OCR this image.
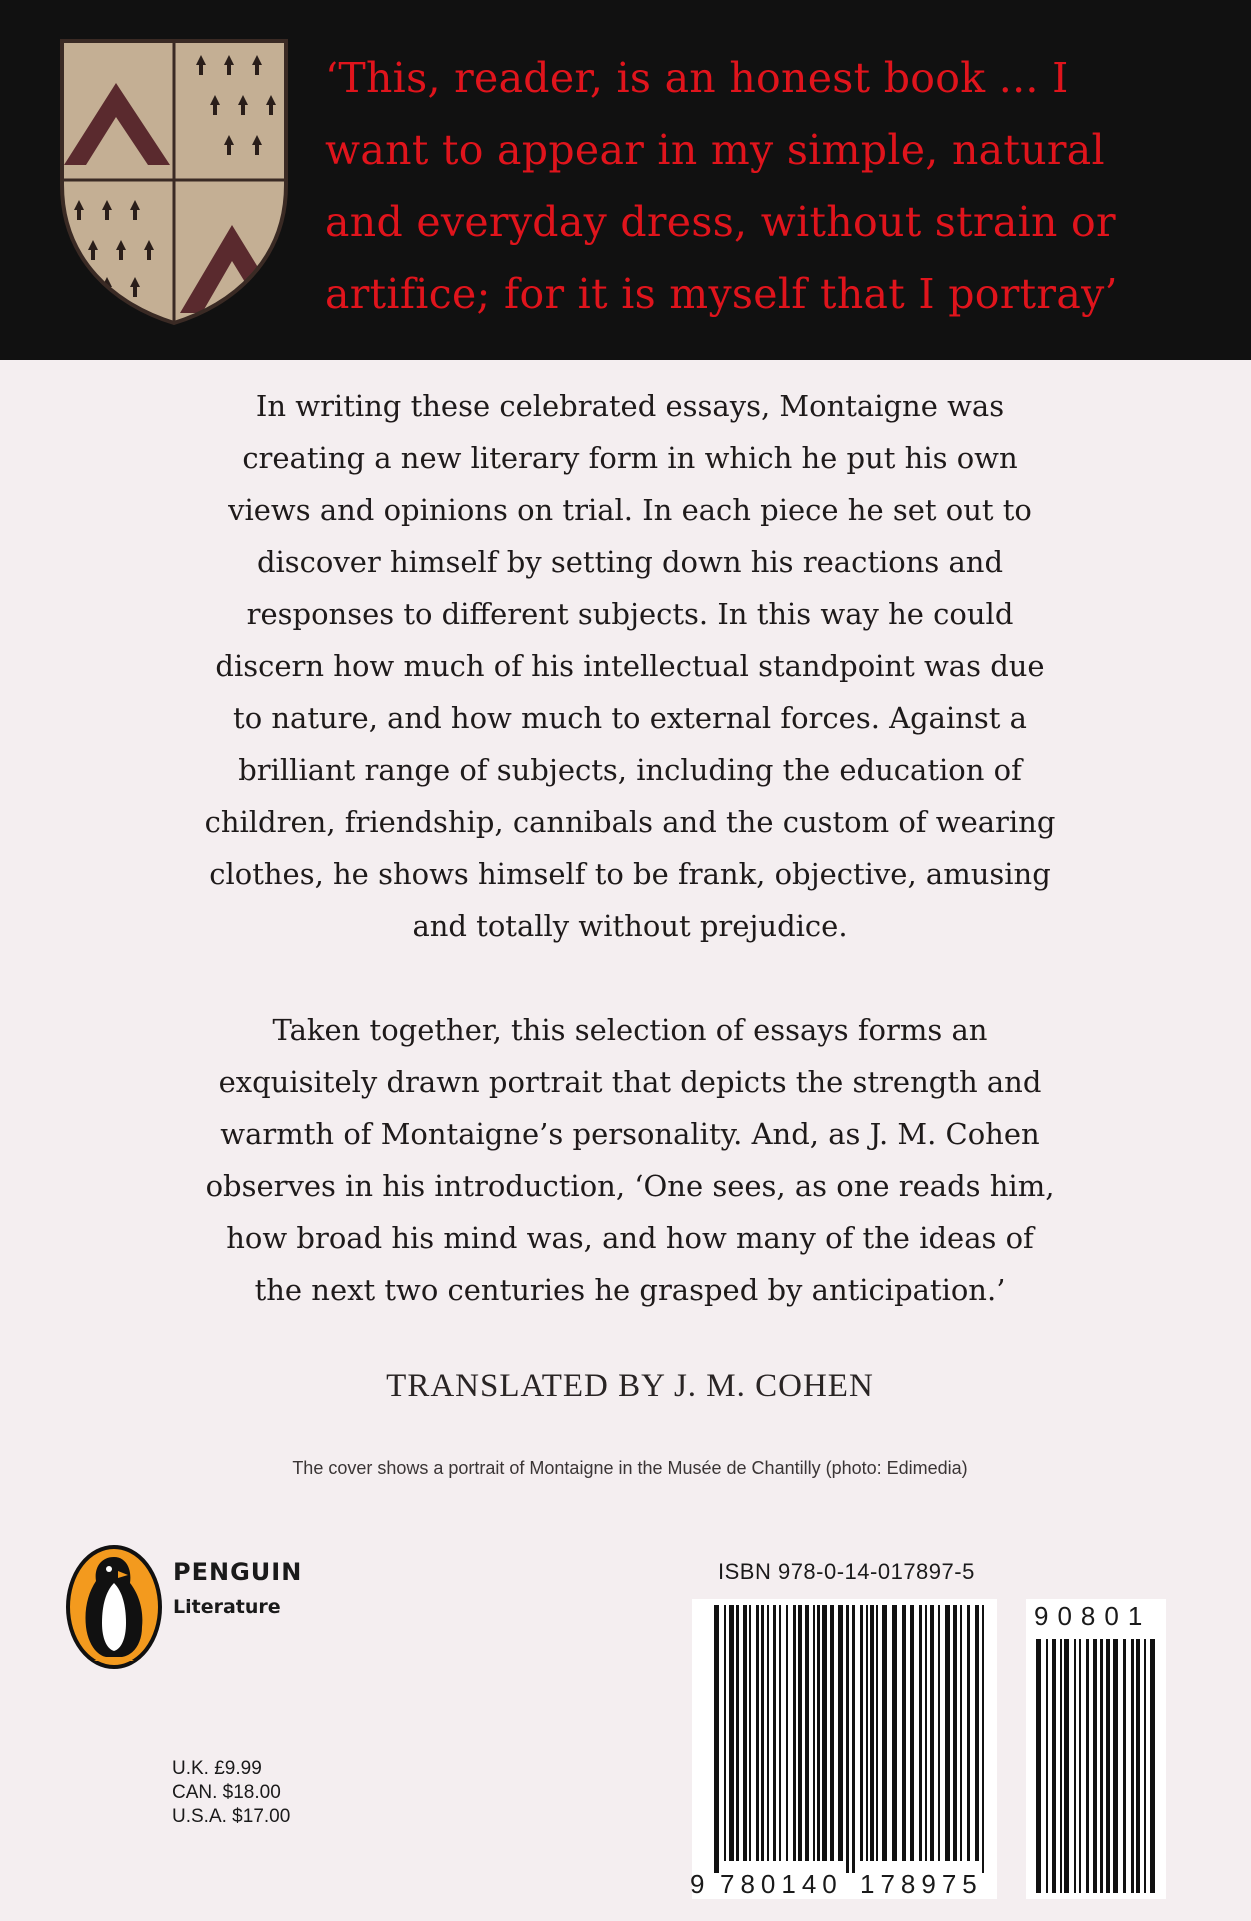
‘This, reader, is an honest book ... I
want to appear in my simple, natural
and everyday dress, without strain or
artifice; for it is myself that I portray’
In writing these celebrated essays, Montaigne was
creating a new literary form in which he put his own
views and opinions on trial. In each piece he set out to
discover himself by setting down his reactions and
responses to different subjects. In this way he could
discern how much of his intellectual standpoint was due
to nature, and how much to external forces. Against a
brilliant range of subjects, including the education of
children, friendship, cannibals and the custom of wearing
clothes, he shows himself to be frank, objective, amusing
and totally without prejudice.
Taken together, this selection of essays forms an
exquisitely drawn portrait that depicts the strength and
warmth of Montaigne’s personality. And, as J. M. Cohen
observes in his introduction, ‘One sees, as one reads him,
how broad his mind was, and how many of the ideas of
the next two centuries he grasped by anticipation.’
TRANSLATED BY J. M. COHEN
The cover shows a portrait of Montaigne in the Musée de Chantilly (photo: Edimedia)
PENGUIN
Literature
U.K. £9.99
CAN. $18.00
U.S.A. $17.00
ISBN 978-0-14-017897-5
9 780140 178975
90801
